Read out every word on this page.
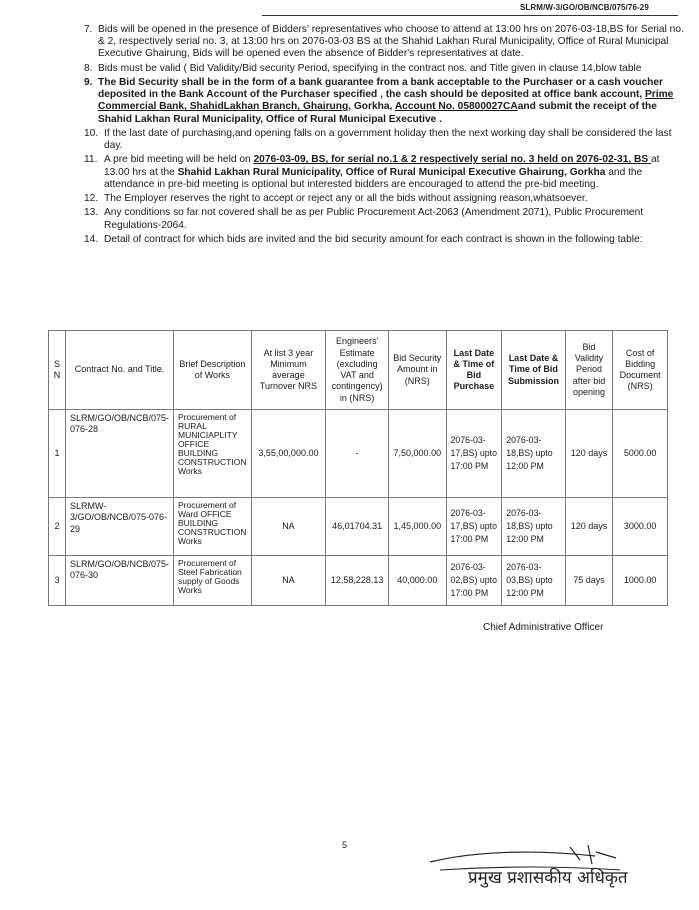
SLRM/W-3/GO/OB/NCB/075/76-29
7. Bids will be opened in the presence of Bidders' representatives who choose to attend at 13:00 hrs on 2076-03-18,BS for Serial no. & 2, respectively serial no. 3, at 13:00 hrs on 2076-03-03 BS at the Shahid Lakhan Rural Municipality, Office of Rural Municipal Executive Ghairung, Bids will be opened even the absence of Bidder's representatives at date.
8. Bids must be valid ( Bid Validity/Bid security Period, specifying in the contract nos. and Title given in clause 14,blow table
9. The Bid Security shall be in the form of a bank guarantee from a bank acceptable to the Purchaser or a cash voucher deposited in the Bank Account of the Purchaser specified , the cash should be deposited at office bank account, Prime Commercial Bank, ShahidLakhan Branch, Ghairung, Gorkha, Account No. 05800027CAand submit the receipt of the Shahid Lakhan Rural Municipality, Office of Rural Municipal Executive .
10. If the last date of purchasing,and opening falls on a government holiday then the next working day shall be considered the last day.
11. A pre bid meeting will be held on 2076-03-09, BS, for serial no.1 & 2 respectively serial no. 3 held on 2076-02-31, BS at 13.00 hrs at the Shahid Lakhan Rural Municipality, Office of Rural Municipal Executive Ghairung, Gorkha and the attendance in pre-bid meeting is optional but interested bidders are encouraged to attend the pre-bid meeting.
12. The Employer reserves the right to accept or reject any or all the bids without assigning reason,whatsoever.
13. Any conditions so far not covered shall be as per Public Procurement Act-2063 (Amendment 2071), Public Procurement Regulations-2064.
14. Detail of contract for which bids are invited and the bid security amount for each contract is shown in the following table:
S N	Contract No. and Title.	Brief Description of Works	At list 3 year Minimum average Turnover NRS	Engineers' Estimate (excluding VAT and contingency) in (NRS)	Bid Security Amount in (NRS)	Last Date & Time of Bid Purchase	Last Date & Time of Bid Submission	Bid Validity Period after bid opening	Cost of Bidding Document (NRS)
1	SLRM/GO/OB/NCB/075-076-28	Procurement of RURAL MUNICIAPLITY OFFICE BUILDING CONSTRUCTION Works	3,55,00,000.00	-	7,50,000.00	2076-03-17,BS) upto 17:00 PM	2076-03-18,BS) upto 12:00 PM	120 days	5000.00
2	SLRMW-3/GO/OB/NCB/075-076-29	Procurement of Ward OFFICE BUILDING CONSTRUCTION Works	NA	46,01704.31	1,45,000.00	2076-03-17,BS) upto 17:00 PM	2076-03-18,BS) upto 12:00 PM	120 days	3000.00
3	SLRM/GO/OB/NCB/075-076-30	Procurement of Steel Fabrication supply of Goods Works	NA	12,58,228.13	40,000.00	2076-03-02,BS) upto 17:00 PM	2076-03-03,BS) upto 12:00 PM	75 days	1000.00
Chief Administrative Officer
5
प्रमुख प्रशासकीय अधिकृत
